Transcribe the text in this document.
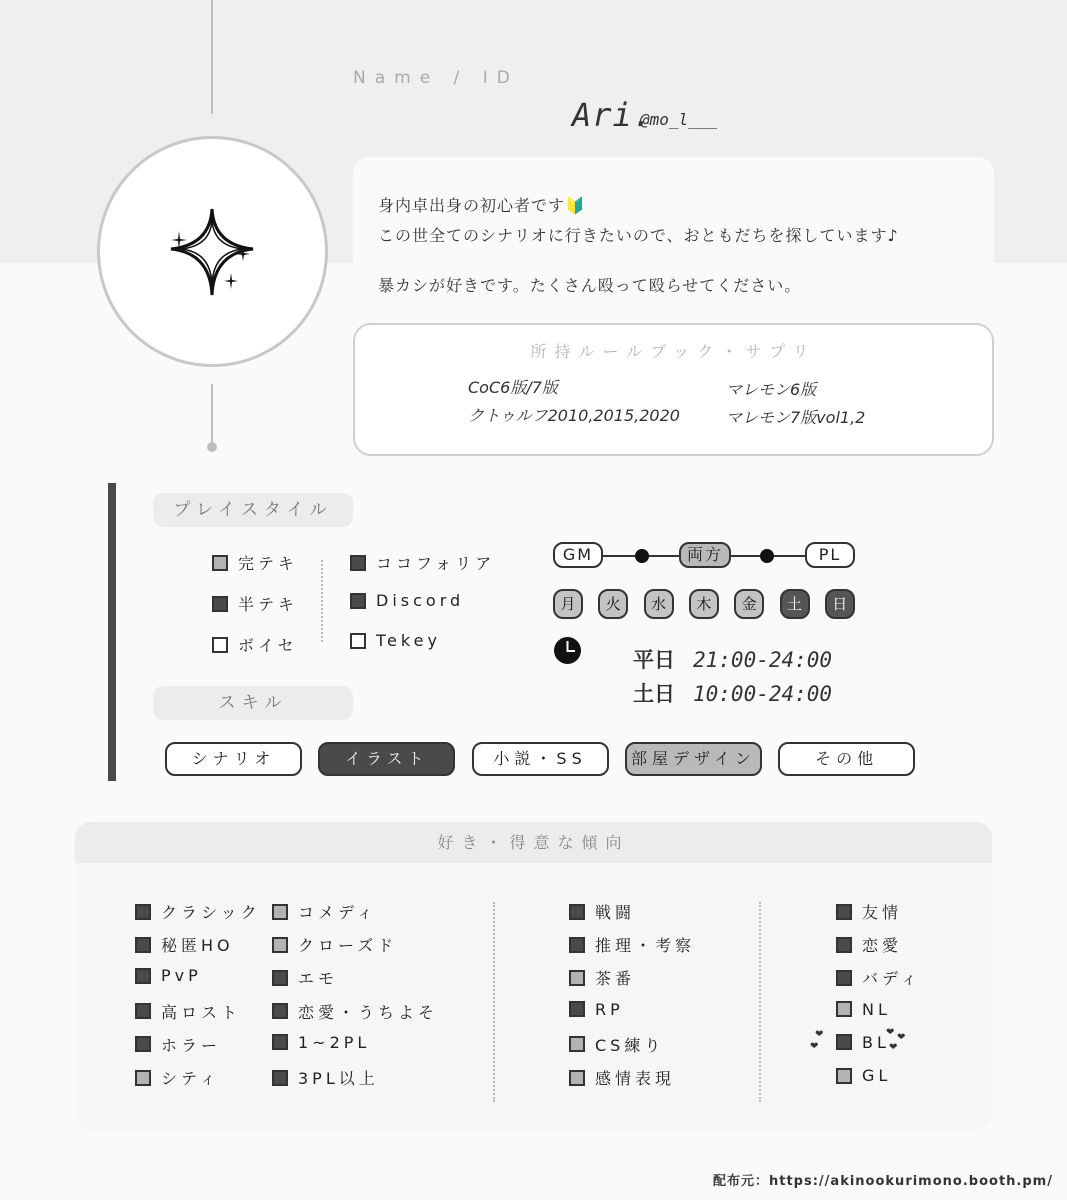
Name / ID
Ari.
@mo_l___
身内卓出身の初心者です🔰
この世全てのシナリオに行きたいので、おともだちを探しています♪
暴カシが好きです。たくさん殴って殴らせてください。
所持ルールブック・サプリ
CoC6版/7版
クトゥルフ2010,2015,2020
マレモン6版
マレモン7版vol1,2
プレイスタイル
完テキ
半テキ
ボイセ
ココフォリア
Discord
Tekey
GM	両方	PL
月	火	水	木	金	土	日
平日 21:00-24:00
土日 10:00-24:00
スキル
シナリオ	イラスト	小説・SS	部屋デザイン	その他
好き・得意な傾向
クラシック
秘匿HO
PvP
高ロスト
ホラー
シティ
コメディ
クローズド
エモ
恋愛・うちよそ
1~2PL
3PL以上
戦闘
推理・考察
茶番
RP
CS練り
感情表現
友情
恋愛
バディ
NL
BL
GL
❤
❤
❤ ❤
❤
配布元：https://akinookurimono.booth.pm/
